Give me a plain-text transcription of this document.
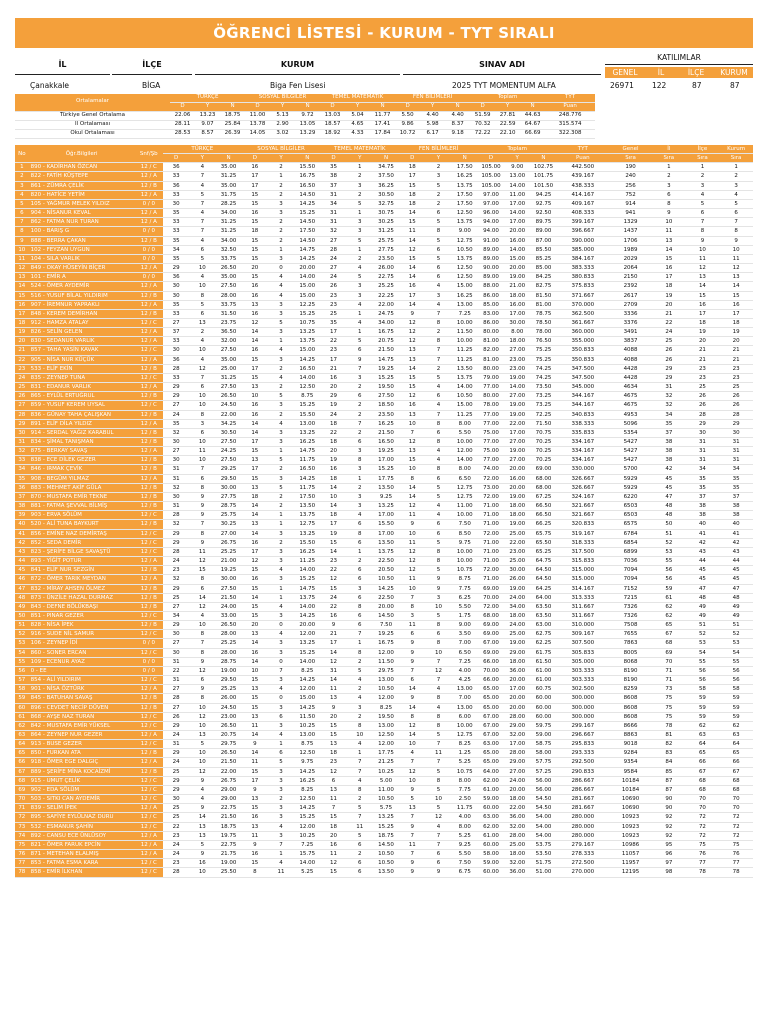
ÖĞRENCİ LİSTESİ - KURUM - TYT SIRALI
İL	İLÇE	KURUM	SINAV ADI
KATILIMLAR
GENEL	İL	İLÇE	KURUM
Çanakkale	BİGA	Biga Fen Lisesi	2025 TYT MOMENTUM ALFA	26971 122	87	87
Ortalamalar	TÜRKÇE			SOSYAL BİLGİLER			TEMEL MATEMATİK			FEN BİLİMLERİ			Toplam			TYT
	D	Y	N	D	Y	N	D	Y	N	D	Y	N	D	Y	N	Puan
Türkiye Genel Ortalama	22.06	13.23	18.75	11.00	5.13	9.72	13.03	5.04	11.77	5.50	4.40	4.40	51.59	27.81	44.63	248.776
İl Ortalaması	28.11	9.07	25.84	13.78	2.90	13.05	18.57	4.65	17.41	9.86	5.98	8.37	70.32	22.59	64.67	315.574
Okul Ortalaması	28.53	8.57	26.39	14.05	3.02	13.29	18.92	4.33	17.84	10.72	6.17	9.18	72.22	22.10	66.69	322.308
No	Öğr.Bilgileri	Snf/Şb	TÜRKÇE			SOSYAL BİLGİLER			TEMEL MATEMATİK			FEN BİLİMLERİ			Toplam			TYT	Genel	İl	İlçe	Kurum
			D	Y	N	D	Y	N	D	Y	N	D	Y	N	D	Y	N	Puan	Sıra	Sıra	Sıra	Sıra
1	890 - KADİRHAN ÖZCAN	12 / C	36	4	35.00	16	2	15.50	35	1	34.75	18	2	17.50	105.00	9.00	102.75	442.500	190	1	1	1
2	822 - FATİH KÜŞTEPE	12 / A	33	7	31.25	17	1	16.75	38	2	37.50	17	3	16.25	105.00	13.00	101.75	439.167	240	2	2	2
3	861 - ZÜMRA ÇELİK	12 / B	36	4	35.00	17	2	16.50	37	3	36.25	15	5	13.75	105.00	14.00	101.50	438.333	256	3	3	3
4	820 - HATİCE YETİM	12 / A	33	5	31.75	15	2	14.50	31	2	30.50	18	2	17.50	97.00	11.00	94.25	414.167	752	6	4	4
5	105 - YAĞMUR MELEK YILDIZ	0 / 0	30	7	28.25	15	3	14.25	34	5	32.75	18	2	17.50	97.00	17.00	92.75	409.167	914	8	5	5
6	904 - NİSANUR KEVAL	12 / A	35	4	34.00	16	3	15.25	31	1	30.75	14	6	12.50	96.00	14.00	92.50	408.333	941	9	6	6
7	862 - FATMA NUR TURAN	12 / A	33	7	31.25	15	2	14.50	31	3	30.25	15	5	13.75	94.00	17.00	89.75	399.167	1329	10	7	7
8	100 - BARIŞ G	0 / 0	33	7	31.25	18	2	17.50	32	3	31.25	11	8	9.00	94.00	20.00	89.00	396.667	1437	11	8	8
9	888 - BERRA ÇAKAN	12 / B	35	4	34.00	15	2	14.50	27	5	25.75	14	5	12.75	91.00	16.00	87.00	390.000	1706	13	9	9
10	102 - FEYZAN UYGUN	0 / 0	34	6	32.50	15	1	14.75	28	1	27.75	12	6	10.50	89.00	14.00	85.50	385.000	1989	14	10	10
11	104 - SILA VARLIK	0 / 0	35	5	33.75	15	3	14.25	24	2	23.50	15	5	13.75	89.00	15.00	85.25	384.167	2029	15	11	11
12	849 - OKAY HÜSEYİN BİÇER	12 / A	29	10	26.50	20	0	20.00	27	4	26.00	14	6	12.50	90.00	20.00	85.00	383.333	2064	16	12	12
13	101 - EMİR A	0 / 0	36	4	35.00	15	4	14.00	24	5	22.75	14	6	12.50	89.00	19.00	84.25	380.833	2150	17	13	13
14	524 - ÖMER AYDEMİR	12 / A	30	10	27.50	16	4	15.00	26	3	25.25	16	4	15.00	88.00	21.00	82.75	375.833	2392	18	14	14
15	516 - YUSUF BİLAL YILDIRIM	12 / B	30	8	28.00	16	4	15.00	23	3	22.25	17	3	16.25	86.00	18.00	81.50	371.667	2617	19	15	15
16	907 - İREMNUR YAPRAKLI	12 / A	35	5	33.75	13	3	12.25	23	4	22.00	14	4	13.00	85.00	16.00	81.00	370.000	2709	20	16	16
17	848 - KEREM DEMİRHAN	12 / B	33	6	31.50	16	3	15.25	25	1	24.75	9	7	7.25	83.00	17.00	78.75	362.500	3336	21	17	17
18	912 - HAMZA ATALAY	12 / C	27	13	23.75	12	5	10.75	35	4	34.00	12	8	10.00	86.00	30.00	78.50	361.667	3376	22	18	18
19	826 - SELİN GELEN	12 / A	37	2	36.50	14	3	13.25	17	1	16.75	12	2	11.50	80.00	8.00	78.00	360.000	3491	24	19	19
20	830 - SEDANUR VARLIK	12 / A	33	4	32.00	14	1	13.75	22	5	20.75	12	8	10.00	81.00	18.00	76.50	355.000	3837	25	20	20
21	857 - TAHA YASİN KAVAK	12 / C	30	10	27.50	16	4	15.00	23	6	21.50	13	7	11.25	82.00	27.00	75.25	350.833	4088	26	21	21
22	905 - NİSA NUR KÜÇÜK	12 / A	36	4	35.00	15	3	14.25	17	9	14.75	13	7	11.25	81.00	23.00	75.25	350.833	4088	26	21	21
23	533 - ELİF EKİN	12 / B	28	12	25.00	17	2	16.50	21	7	19.25	14	2	13.50	80.00	23.00	74.25	347.500	4428	29	23	23
24	835 - ZEYNEP TUNA	12 / C	33	7	31.25	15	4	14.00	16	3	15.25	15	5	13.75	79.00	19.00	74.25	347.500	4428	29	23	23
25	831 - EDANUR VARLIK	12 / A	29	6	27.50	13	2	12.50	20	2	19.50	15	4	14.00	77.00	14.00	73.50	345.000	4634	31	25	25
26	865 - EYLÜL ERTUĞRUL	12 / B	29	10	26.50	10	5	8.75	29	6	27.50	12	6	10.50	80.00	27.00	73.25	344.167	4675	32	26	26
27	859 - YUSUF KEREM UYSAL	12 / C	27	10	24.50	16	3	15.25	19	2	18.50	16	4	15.00	78.00	19.00	73.25	344.167	4675	32	26	26
28	836 - GÜNAY TAHA ÇALIŞKAN	12 / B	24	8	22.00	16	2	15.50	24	2	23.50	13	7	11.25	77.00	19.00	72.25	340.833	4953	34	28	28
29	891 - ELİF DİLA YILDIZ	12 / A	35	3	34.25	14	4	13.00	18	7	16.25	10	8	8.00	77.00	22.00	71.50	338.333	5096	35	29	29
30	914 - SERDAL YAĞIZ KARABUL	12 / B	32	6	30.50	14	3	13.25	22	2	21.50	7	6	5.50	75.00	17.00	70.75	335.833	5354	37	30	30
31	834 - ŞİMAL TANIŞMAN	12 / B	30	10	27.50	17	3	16.25	18	6	16.50	12	8	10.00	77.00	27.00	70.25	334.167	5427	38	31	31
32	875 - BERKAY SAVAŞ	12 / A	27	11	24.25	15	1	14.75	20	3	19.25	13	4	12.00	75.00	19.00	70.25	334.167	5427	38	31	31
33	838 - ECE DİLEK GEZER	12 / B	30	10	27.50	13	5	11.75	19	8	17.00	15	4	14.00	77.00	27.00	70.25	334.167	5427	38	31	31
34	846 - IRMAK ÇEVİK	12 / B	31	7	29.25	17	2	16.50	16	3	15.25	10	8	8.00	74.00	20.00	69.00	330.000	5700	42	34	34
35	908 - BEGÜM YILMAZ	12 / A	31	6	29.50	15	3	14.25	18	1	17.75	8	6	6.50	72.00	16.00	68.00	326.667	5929	45	35	35
36	883 - MEHMET AKİF GÜLA	12 / B	32	8	30.00	13	5	11.75	14	2	13.50	14	5	12.75	73.00	20.00	68.00	326.667	5929	45	35	35
37	870 - MUSTAFA EMİR TEKNE	12 / B	30	9	27.75	18	2	17.50	10	3	9.25	14	5	12.75	72.00	19.00	67.25	324.167	6220	47	37	37
38	881 - FATMA ŞEVVAL BİLMİŞ	12 / B	31	9	28.75	14	2	13.50	14	3	13.25	12	4	11.00	71.00	18.00	66.50	321.667	6503	48	38	38
39	903 - ERVA SÖLÜM	12 / C	28	9	25.75	14	1	13.75	18	4	17.00	11	4	10.00	71.00	18.00	66.50	321.667	6503	48	38	38
40	520 - ALİ TUNA BAYKURT	12 / B	32	7	30.25	13	1	12.75	17	6	15.50	9	6	7.50	71.00	19.00	66.25	320.833	6575	50	40	40
41	856 - EMİNE NAZ DEMİRTAŞ	12 / C	29	8	27.00	14	3	13.25	19	8	17.00	10	6	8.50	72.00	25.00	65.75	319.167	6784	51	41	41
42	852 - SEDA DEMİR	12 / C	29	9	26.75	16	2	15.50	15	6	13.50	11	5	9.75	71.00	22.00	65.50	318.333	6854	52	42	42
43	823 - ŞERİFE BİLGE SAVAŞTÜ	12 / C	28	11	25.25	17	3	16.25	14	1	13.75	12	8	10.00	71.00	23.00	65.25	317.500	6899	53	43	43
44	893 - YİĞİT POTUR	12 / A	24	12	21.00	12	3	11.25	23	2	22.50	12	8	10.00	71.00	25.00	64.75	315.833	7036	55	44	44
45	841 - ELİF NUR SEZGİN	12 / B	23	15	19.25	15	4	14.00	22	6	20.50	12	5	10.75	72.00	30.00	64.50	315.000	7094	56	45	45
46	872 - ÖMER TARIK MEYDAN	12 / A	32	8	30.00	16	3	15.25	12	6	10.50	11	9	8.75	71.00	26.00	64.50	315.000	7094	56	45	45
47	832 - MİRAY AHSEN ÖLMEZ	12 / B	29	6	27.50	15	1	14.75	15	3	14.25	10	9	7.75	69.00	19.00	64.25	314.167	7152	59	47	47
48	873 - ÜNZİLE HAZAL DURMAZ	12 / B	25	14	21.50	14	1	13.75	24	6	22.50	7	3	6.25	70.00	24.00	64.00	313.333	7215	61	48	48
49	843 - DEFNE BÖLÜKBAŞI	12 / B	27	12	24.00	15	4	14.00	22	8	20.00	8	10	5.50	72.00	34.00	63.50	311.667	7326	62	49	49
50	851 - PINAR GEZER	12 / C	34	4	33.00	15	3	14.25	16	6	14.50	3	5	1.75	68.00	18.00	63.50	311.667	7326	62	49	49
51	828 - NİSA İPEK	12 / B	29	10	26.50	20	0	20.00	9	6	7.50	11	8	9.00	69.00	24.00	63.00	310.000	7508	65	51	51
52	916 - SUDE NİL SAMUR	12 / C	30	8	28.00	13	4	12.00	21	7	19.25	6	6	3.50	69.00	25.00	62.75	309.167	7655	67	52	52
53	106 - ZEYNEP İDİ	0 / 0	27	7	25.25	14	3	13.25	17	1	16.75	9	8	7.00	67.00	19.00	62.25	307.500	7863	68	53	53
54	860 - SONER ERCAN	12 / C	30	8	28.00	16	3	15.25	14	8	12.00	9	10	6.50	69.00	29.00	61.75	305.833	8005	69	54	54
55	109 - ECENUR AYAZ	0 / 0	31	9	28.75	14	0	14.00	12	2	11.50	9	7	7.25	66.00	18.00	61.50	305.000	8068	70	55	55
56	0 - EE	0 / 0	22	12	19.00	10	7	8.25	31	5	29.75	7	12	4.00	70.00	36.00	61.00	303.333	8190	71	56	56
57	854 - ALİ YILDIRIM	12 / C	31	6	29.50	15	3	14.25	14	4	13.00	6	7	4.25	66.00	20.00	61.00	303.333	8190	71	56	56
58	901 - NİSA ÖZTÜRK	12 / A	27	9	25.25	13	4	12.00	11	2	10.50	14	4	13.00	65.00	17.00	60.75	302.500	8259	73	58	58
59	845 - BATUHAN SAVAŞ	12 / B	28	8	26.00	15	0	15.00	13	4	12.00	9	8	7.00	65.00	20.00	60.00	300.000	8608	75	59	59
60	896 - CEVDET NECİP DÜVEN	12 / B	27	10	24.50	15	3	14.25	9	3	8.25	14	4	13.00	65.00	20.00	60.00	300.000	8608	75	59	59
61	868 - AYŞE NAZ TURAN	12 / C	26	12	23.00	13	6	11.50	20	2	19.50	8	8	6.00	67.00	28.00	60.00	300.000	8608	75	59	59
62	842 - MUSTAFA EMİR YÜKSEL	12 / C	29	10	26.50	11	3	10.25	15	8	13.00	12	8	10.00	67.00	29.00	59.75	299.167	8666	78	62	62
63	864 - ZEYNEP NUR GEZER	12 / A	24	13	20.75	14	4	13.00	15	10	12.50	14	5	12.75	67.00	32.00	59.00	296.667	8863	81	63	63
64	913 - BUSE GEZER	12 / C	31	5	29.75	9	1	8.75	13	4	12.00	10	7	8.25	63.00	17.00	58.75	295.833	9018	82	64	64
65	850 - FURKAN ATA	12 / B	29	10	26.50	14	6	12.50	18	1	17.75	4	11	1.25	65.00	28.00	58.00	293.333	9284	83	65	65
66	918 - ÖMER EGE DALGIÇ	12 / A	24	10	21.50	11	5	9.75	23	7	21.25	7	7	5.25	65.00	29.00	57.75	292.500	9354	84	66	66
67	889 - ŞERİFE MİNA KOCAİZMİ	12 / B	25	12	22.00	15	3	14.25	12	7	10.25	12	5	10.75	64.00	27.00	57.25	290.833	9584	85	67	67
68	915 - UMUT ÇELİK	12 / C	29	9	26.75	17	3	16.25	6	4	5.00	10	8	8.00	62.00	24.00	56.00	286.667	10184	87	68	68
69	902 - EDA SÖLÜM	12 / C	29	4	29.00	9	3	8.25	13	8	11.00	9	5	7.75	61.00	20.00	56.00	286.667	10184	87	68	68
70	503 - SITKI CAN AYDEMİR	12 / C	30	4	29.00	13	2	12.50	11	2	10.50	5	10	2.50	59.00	18.00	54.50	281.667	10690	90	70	70
71	839 - SELİM İPEK	12 / A	25	9	22.75	15	3	14.25	7	5	5.75	13	5	11.75	60.00	22.00	54.50	281.667	10690	90	70	70
72	895 - SAFİYE EYLÜLNAZ DURU	12 / C	25	14	21.50	16	3	15.25	15	7	13.25	7	12	4.00	63.00	36.00	54.00	280.000	10923	92	72	72
73	532 - ESMANUR ŞAHİN	12 / C	22	13	18.75	13	4	12.00	18	11	15.25	9	4	8.00	62.00	32.00	54.00	280.000	10923	92	72	72
74	892 - CANSU ECE ÜNLÜSOY	12 / A	23	13	19.75	11	3	10.25	20	5	18.75	7	7	5.25	61.00	28.00	54.00	280.000	10923	92	72	72
75	821 - ÖMER FARUK EPCİN	12 / A	24	5	22.75	9	7	7.25	16	6	14.50	11	7	9.25	60.00	25.00	53.75	279.167	10986	95	75	75
76	871 - METEHAN ELALMIŞ	12 / A	24	9	21.75	16	1	15.75	11	2	10.50	7	6	5.50	58.00	18.00	53.50	278.333	11057	96	76	76
77	853 - FATMA ESMA KARA	12 / C	23	16	19.00	15	4	14.00	12	6	10.50	9	6	7.50	59.00	32.00	51.75	272.500	11957	97	77	77
78	858 - EMİR İLKHAN	12 / C	28	10	25.50	8	11	5.25	15	6	13.50	9	9	6.75	60.00	36.00	51.00	270.000	12195	98	78	78
